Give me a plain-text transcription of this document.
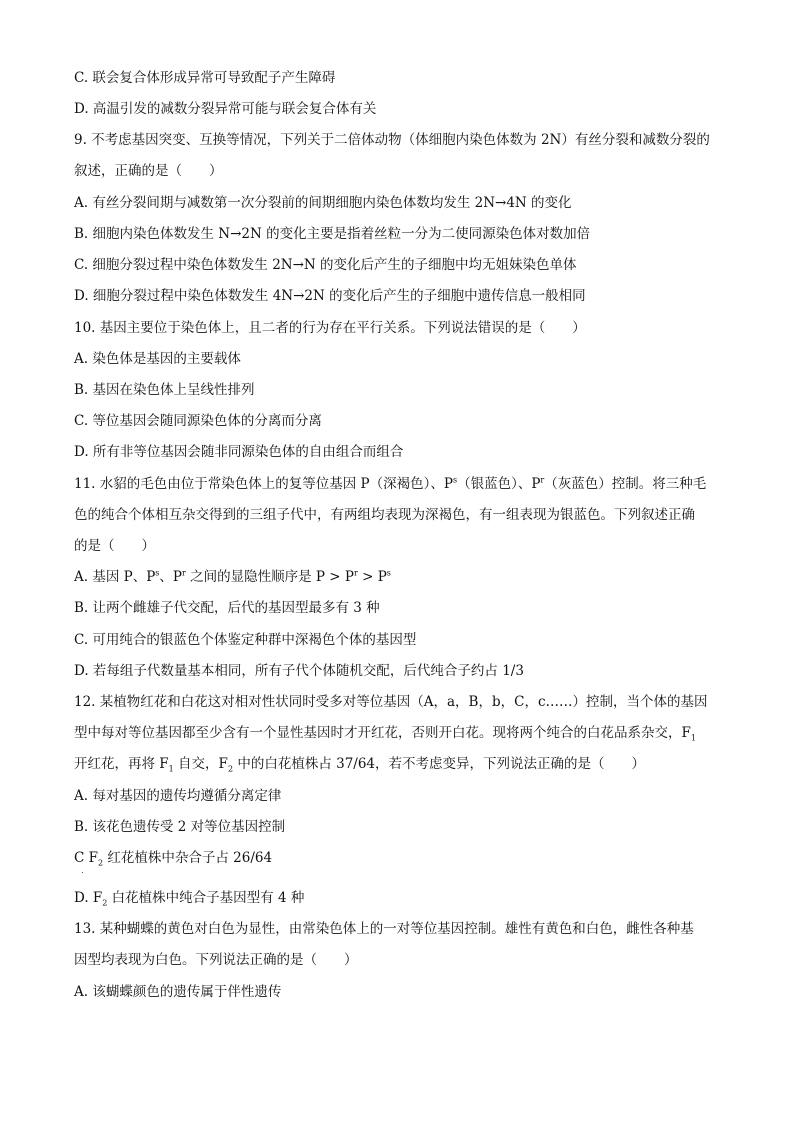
C. 联会复合体形成异常可导致配子产生障碍
D. 高温引发的减数分裂异常可能与联会复合体有关
9. 不考虑基因突变、互换等情况，下列关于二倍体动物（体细胞内染色体数为 2N）有丝分裂和减数分裂的
叙述，正确的是（　　）
A. 有丝分裂间期与减数第一次分裂前的间期细胞内染色体数均发生 2N→4N 的变化
B. 细胞内染色体数发生 N→2N 的变化主要是指着丝粒一分为二使同源染色体对数加倍
C. 细胞分裂过程中染色体数发生 2N→N 的变化后产生的子细胞中均无姐妹染色单体
D. 细胞分裂过程中染色体数发生 4N→2N 的变化后产生的子细胞中遗传信息一般相同
10. 基因主要位于染色体上，且二者的行为存在平行关系。下列说法错误的是（　　）
A. 染色体是基因的主要载体
B. 基因在染色体上呈线性排列
C. 等位基因会随同源染色体的分离而分离
D. 所有非等位基因会随非同源染色体的自由组合而组合
11. 水貂的毛色由位于常染色体上的复等位基因 P（深褐色）、$P^s$（银蓝色）、$P^r$（灰蓝色）控制。将三种毛
色的纯合个体相互杂交得到的三组子代中，有两组均表现为深褐色，有一组表现为银蓝色。下列叙述正确
的是（　　）
A. 基因 P、$P^s$、$P^r$ 之间的显隐性顺序是 $P > P^r > P^s$
B. 让两个雌雄子代交配，后代的基因型最多有 3 种
C. 可用纯合的银蓝色个体鉴定种群中深褐色个体的基因型
D. 若每组子代数量基本相同，所有子代个体随机交配，后代纯合子约占 1/3
12. 某植物红花和白花这对相对性状同时受多对等位基因（A，a，B，b，C，c……）控制，当个体的基因
型中每对等位基因都至少含有一个显性基因时才开红花，否则开白花。现将两个纯合的白花品系杂交，$F_1$
开红花，再将 $F_1$ 自交，$F_2$ 中的白花植株占 37/64，若不考虑变异，下列说法正确的是（　　）
A. 每对基因的遗传均遵循分离定律
B. 该花色遗传受 2 对等位基因控制
C $F_2$ 红花植株中杂合子占 26/64
.
D. $F_2$ 白花植株中纯合子基因型有 4 种
13. 某种蝴蝶的黄色对白色为显性，由常染色体上的一对等位基因控制。雄性有黄色和白色，雌性各种基
因型均表现为白色。下列说法正确的是（　　）
A. 该蝴蝶颜色的遗传属于伴性遗传
